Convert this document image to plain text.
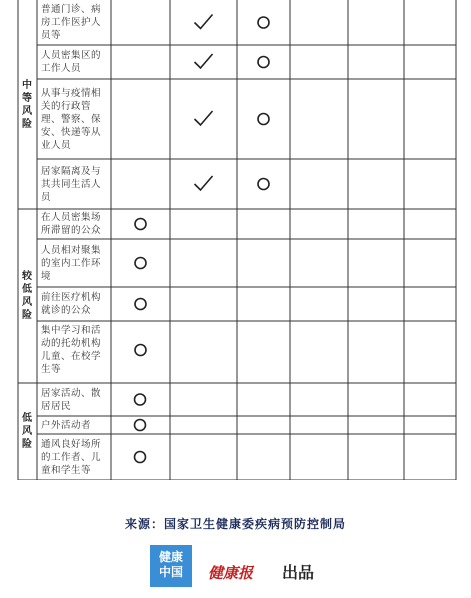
普通门诊、病房工作医护人员等
人员密集区的工作人员
从事与疫情相关的行政管理、警察、保安、快递等从业人员
居家隔离及与其共同生活人员
中等风险
在人员密集场所滞留的公众
人员相对聚集的室内工作环境
前往医疗机构就诊的公众
集中学习和活动的托幼机构儿童、在校学生等
较低风险
居家活动、散居居民
户外活动者
通风良好场所的工作者、儿童和学生等
低风险
来源：国家卫生健康委疾病预防控制局
健康
中国	健康报 出品
